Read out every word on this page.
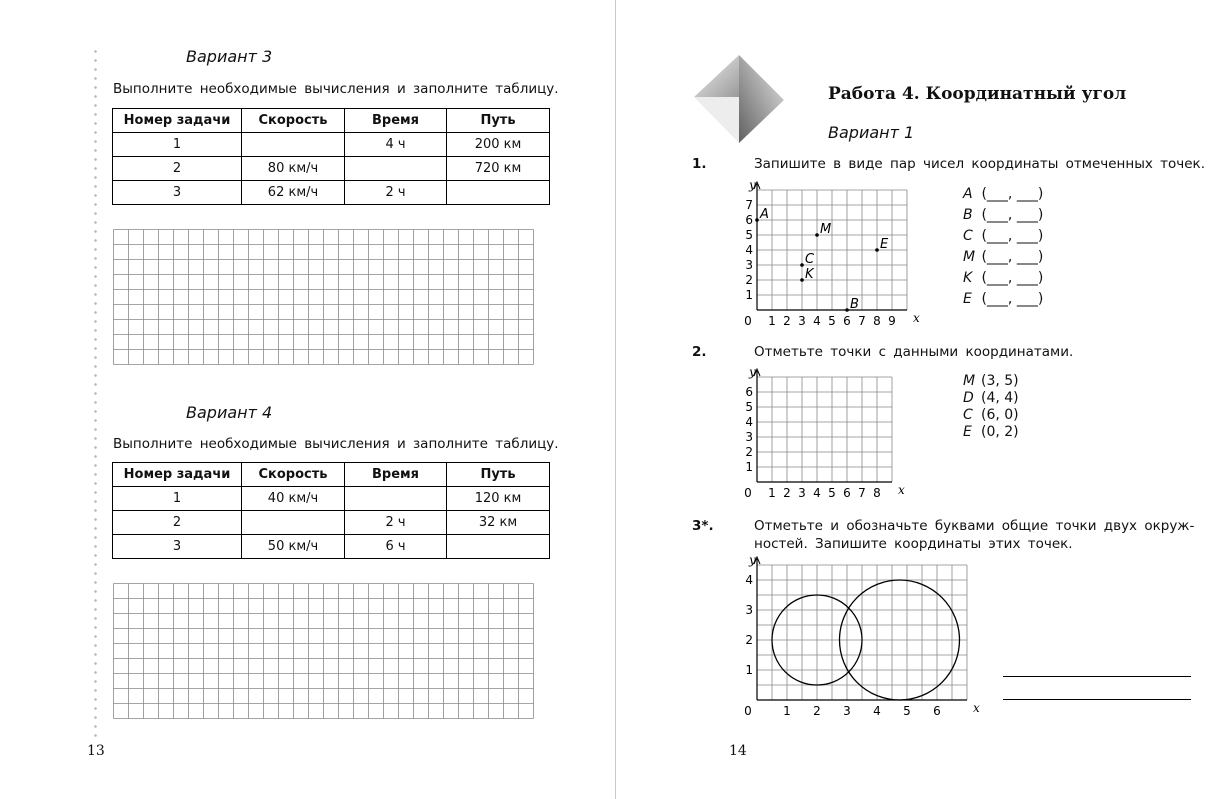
Вариант 3
Выполните необходимые вычисления и заполните таблицу.
Номер задачи	Скорость	Время	Путь
1		4 ч	200 км
2	80 км/ч		720 км
3	62 км/ч	2 ч	
Вариант 4
Выполните необходимые вычисления и заполните таблицу.
Номер задачи	Скорость	Время	Путь
1	40 км/ч		120 км
2		2 ч	32 км
3	50 км/ч	6 ч	
13
Работа 4. Координатный угол
Вариант 1
1.	Запишите в виде пар чисел координаты отмеченных точек.
0 1 2 3 4 5 6 7 8 9
1
2
3
4
5
6
7
x
y
A
M
E
C
K
B
A (___, ___)
B (___, ___)
C (___, ___)
M (___, ___)
K (___, ___)
E (___, ___)
2.	Отметьте точки с данными координатами.
0 1 2 3 4 5 6 7 8
1
2
3
4
5
6
x
y
M (3, 5)
D (4, 4)
C (6, 0)
E (0, 2)
3*.	Отметьте и обозначьте буквами общие точки двух окруж-
ностей. Запишите координаты этих точек.
0	1 2 3 4 5 6
1
2
3
4
x
y
14
